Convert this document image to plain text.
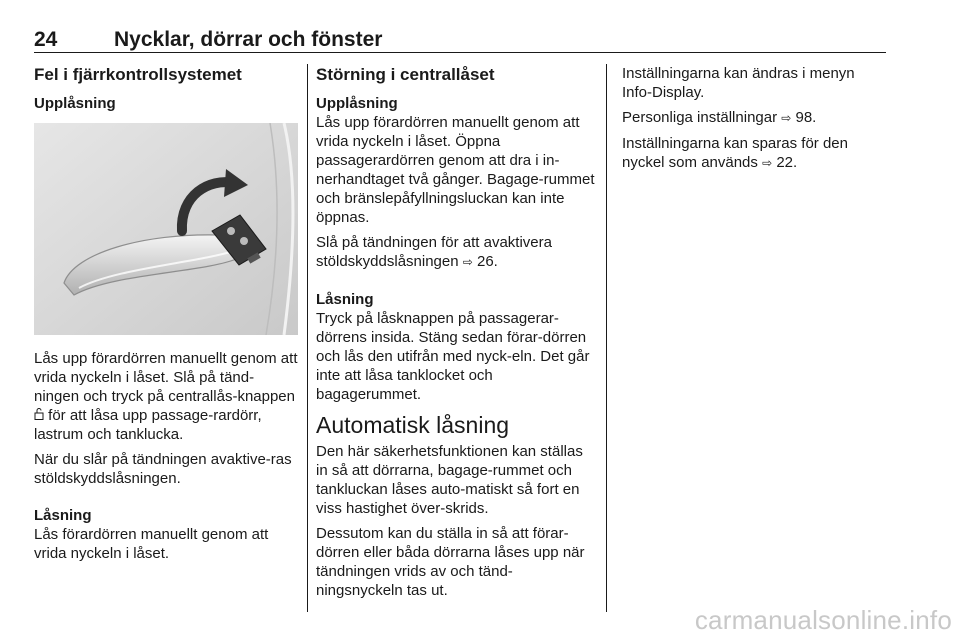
24	Nycklar, dörrar och fönster
Fel i fjärrkontrollsystemet
Upplåsning

Lås upp förardörren manuellt genom att vrida nyckeln i låset. Slå på tänd-ningen och tryck på centrallås-knappen  för att låsa upp passage-rardörr, lastrum och tanklucka.

När du slår på tändningen avaktive-ras stöldskyddslåsningen.

Låsning

Lås förardörren manuellt genom att vrida nyckeln i låset.

Störning i centrallåset
Upplåsning

Lås upp förardörren manuellt genom att vrida nyckeln i låset. Öppna passagerardörren genom att dra i in-nerhandtaget två gånger. Bagage-rummet och bränslepåfyllningsluckan kan inte öppnas.

Slå på tändningen för att avaktivera stöldskyddslåsningen ⇨ 26.

Låsning

Tryck på låsknappen på passagerar-dörrens insida. Stäng sedan förar-dörren och lås den utifrån med nyck-eln. Det går inte att låsa tanklocket och bagagerummet.

Automatisk låsning

Den här säkerhetsfunktionen kan ställas in så att dörrarna, bagage-rummet och tankluckan låses auto-matiskt så fort en viss hastighet över-skrids.

Dessutom kan du ställa in så att förar-dörren eller båda dörrarna låses upp när tändningen vrids av och tänd-ningsnyckeln tas ut.

Inställningarna kan ändras i menyn Info-Display.

Personliga inställningar ⇨ 98.

Inställningarna kan sparas för den nyckel som används ⇨ 22.

carmanualsonline.info
